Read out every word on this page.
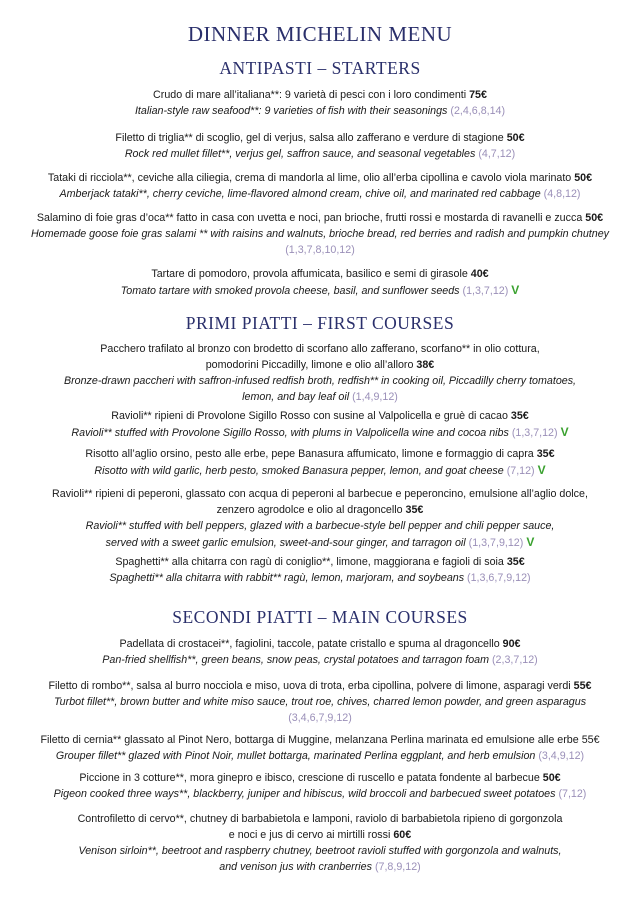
DINNER MICHELIN MENU
ANTIPASTI – STARTERS
Crudo di mare all’italiana**: 9 varietà di pesci con i loro condimenti 75€
Italian-style raw seafood**: 9 varieties of fish with their seasonings (2,4,6,8,14)
Filetto di triglia** di scoglio, gel di verjus, salsa allo zafferano e verdure di stagione 50€
Rock red mullet fillet**, verjus gel, saffron sauce, and seasonal vegetables (4,7,12)
Tataki di ricciola**, ceviche alla ciliegia, crema di mandorla al lime, olio all’erba cipollina e cavolo viola marinato 50€
Amberjack tataki**, cherry ceviche, lime-flavored almond cream, chive oil, and marinated red cabbage (4,8,12)
Salamino di foie gras d’oca** fatto in casa con uvetta e noci, pan brioche, frutti rossi e mostarda di ravanelli e zucca 50€
Homemade goose foie gras salami ** with raisins and walnuts, brioche bread, red berries and radish and pumpkin chutney
(1,3,7,8,10,12)
Tartare di pomodoro, provola affumicata, basilico e semi di girasole 40€
Tomato tartare with smoked provola cheese, basil, and sunflower seeds (1,3,7,12) V
PRIMI PIATTI – FIRST COURSES
Pacchero trafilato al bronzo con brodetto di scorfano allo zafferano, scorfano** in olio cottura,
pomodorini Piccadilly, limone e olio all’alloro 38€
Bronze-drawn paccheri with saffron-infused redfish broth, redfish** in cooking oil, Piccadilly cherry tomatoes,
lemon, and bay leaf oil (1,4,9,12)
Ravioli** ripieni di Provolone Sigillo Rosso con susine al Valpolicella e gruè di cacao 35€
Ravioli** stuffed with Provolone Sigillo Rosso, with plums in Valpolicella wine and cocoa nibs (1,3,7,12) V
Risotto all’aglio orsino, pesto alle erbe, pepe Banasura affumicato, limone e formaggio di capra 35€
Risotto with wild garlic, herb pesto, smoked Banasura pepper, lemon, and goat cheese (7,12) V
Ravioli** ripieni di peperoni, glassato con acqua di peperoni al barbecue e peperoncino, emulsione all’aglio dolce,
zenzero agrodolce e olio al dragoncello 35€
Ravioli** stuffed with bell peppers, glazed with a barbecue-style bell pepper and chili pepper sauce,
served with a sweet garlic emulsion, sweet-and-sour ginger, and tarragon oil (1,3,7,9,12) V
Spaghetti** alla chitarra con ragù di coniglio**, limone, maggiorana e fagioli di soia 35€
Spaghetti** alla chitarra with rabbit** ragù, lemon, marjoram, and soybeans (1,3,6,7,9,12)
SECONDI PIATTI – MAIN COURSES
Padellata di crostacei**, fagiolini, taccole, patate cristallo e spuma al dragoncello 90€
Pan-fried shellfish**, green beans, snow peas, crystal potatoes and tarragon foam (2,3,7,12)
Filetto di rombo**, salsa al burro nocciola e miso, uova di trota, erba cipollina, polvere di limone, asparagi verdi 55€
Turbot fillet**, brown butter and white miso sauce, trout roe, chives, charred lemon powder, and green asparagus
(3,4,6,7,9,12)
Filetto di cernia** glassato al Pinot Nero, bottarga di Muggine, melanzana Perlina marinata ed emulsione alle erbe 55€
Grouper fillet** glazed with Pinot Noir, mullet bottarga, marinated Perlina eggplant, and herb emulsion (3,4,9,12)
Piccione in 3 cotture**, mora ginepro e ibisco, crescione di ruscello e patata fondente al barbecue 50€
Pigeon cooked three ways**, blackberry, juniper and hibiscus, wild broccoli and barbecued sweet potatoes (7,12)
Controfiletto di cervo**, chutney di barbabietola e lamponi, raviolo di barbabietola ripieno di gorgonzola
e noci e jus di cervo ai mirtilli rossi 60€
Venison sirloin**, beetroot and raspberry chutney, beetroot ravioli stuffed with gorgonzola and walnuts,
and venison jus with cranberries (7,8,9,12)
